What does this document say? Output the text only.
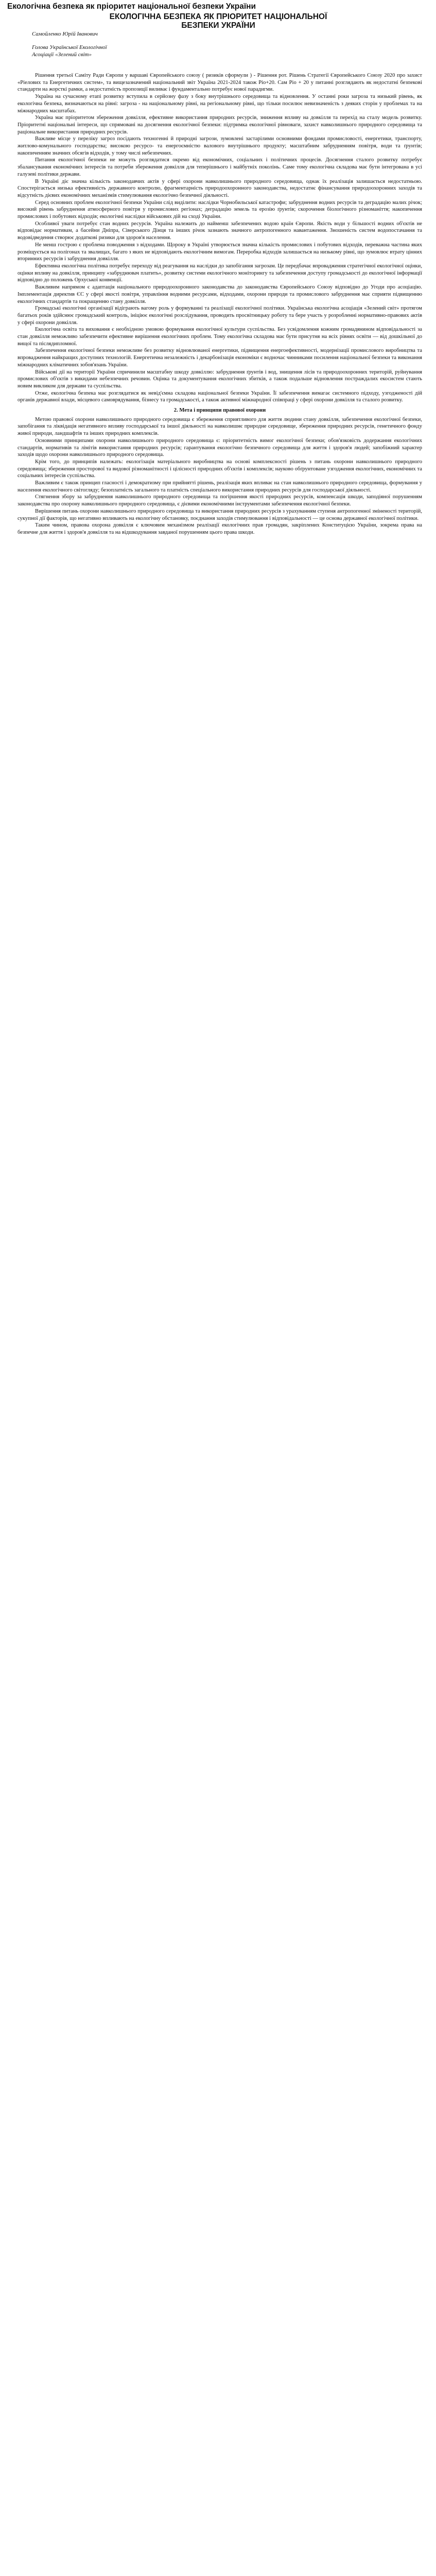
Екологічна безпека як пріоритет національної безпеки України
ЕКОЛОГІЧНА БЕЗПЕКА ЯК ПРІОРИТЕТ НАЦІОНАЛЬНОЇ
БЕЗПЕКИ УКРАЇНИ
Самойленко Юрій Іванович
Голова Української Екологічної
Асоціації «Зелений світ»

Рішення третьої Саміту Ради Європи у варшаві Європейського союзу ( ризиків сформули ) - Рішення рот. Рішень Стратегії Європейського Союзу 2020 про захист «Ріелових та Енергетичних систем», та вищезазначений національний звіт Україна 2021-2024 також Ріо+20. Сам Ріо + 20 у питанні розглядають як недостатні безпекові стандарти на жорсткі рамки, а недостатність пропозиції виливає і фундаментально потребує нової парадигми.

Україна на сучасному етапі розвитку вступила в серйозну фазу з боку внутрішнього середовища та відновлення. У останні роки загроза та низький рівень, як екологічна безпека, визначаються на рівні: загроза - на національному рівні, на регіональному рівні, що тільки посилює невизначеність з деяких сторін у проблемах та на міжнародних масштабах.

Україна має пріоритетом збереження довкілля, ефективне використання природних ресурсів, зниження впливу на довкілля та перехід на сталу модель розвитку. Пріоритетні національні інтереси, що спрямовані на досягнення екологічної безпеки: підтримка екологічної рівноваги, захист навколишнього природного середовища та раціональне використання природних ресурсів.

Важливе місце у переліку загроз посідають техногенні й природні загрози, зумовлені застарілими основними фондами промисловості, енергетики, транспорту, житлово-комунального господарства; високою ресурсо- та енергоємністю валового внутрішнього продукту; масштабним забрудненням повітря, води та ґрунтів; накопиченням значних обсягів відходів, у тому числі небезпечних.

Питання екологічної безпеки не можуть розглядатися окремо від економічних, соціальних і політичних процесів. Досягнення сталого розвитку потребує збалансування економічних інтересів та потреби збереження довкілля для теперішнього і майбутніх поколінь. Саме тому екологічна складова має бути інтегрована в усі галузеві політики держави.

В Україні діє значна кількість законодавчих актів у сфері охорони навколишнього природного середовища, однак їх реалізація залишається недостатньою. Спостерігається низька ефективність державного контролю, фрагментарність природоохоронного законодавства, недостатнє фінансування природоохоронних заходів та відсутність дієвих економічних механізмів стимулювання екологічно безпечної діяльності.

Серед основних проблем екологічної безпеки України слід виділити: наслідки Чорнобильської катастрофи; забруднення водних ресурсів та деградацію малих річок; високий рівень забруднення атмосферного повітря у промислових регіонах; деградацію земель та ерозію ґрунтів; скорочення біологічного різноманіття; накопичення промислових і побутових відходів; екологічні наслідки військових дій на сході України.

Особливої уваги потребує стан водних ресурсів. Україна належить до найменш забезпечених водою країн Європи. Якість води у більшості водних об'єктів не відповідає нормативам, а басейни Дніпра, Сіверського Дінця та інших річок зазнають значного антропогенного навантаження. Зношеність систем водопостачання та водовідведення створює додаткові ризики для здоров'я населення.

Не менш гострою є проблема поводження з відходами. Щороку в Україні утворюється значна кількість промислових і побутових відходів, переважна частина яких розміщується на полігонах та звалищах, багато з яких не відповідають екологічним вимогам. Переробка відходів залишається на низькому рівні, що зумовлює втрату цінних вторинних ресурсів і забруднення довкілля.

Ефективна екологічна політика потребує переходу від реагування на наслідки до запобігання загрозам. Це передбачає впровадження стратегічної екологічної оцінки, оцінки впливу на довкілля, принципу «забруднювач платить», розвитку системи екологічного моніторингу та забезпечення доступу громадськості до екологічної інформації відповідно до положень Орхуської конвенції.

Важливим напрямом є адаптація національного природоохоронного законодавства до законодавства Європейського Союзу відповідно до Угоди про асоціацію. Імплементація директив ЄС у сфері якості повітря, управління водними ресурсами, відходами, охорони природи та промислового забруднення має сприяти підвищенню екологічних стандартів та покращенню стану довкілля.

Громадські екологічні організації відіграють вагому роль у формуванні та реалізації екологічної політики. Українська екологічна асоціація «Зелений світ» протягом багатьох років здійснює громадський контроль, ініціює екологічні розслідування, проводить просвітницьку роботу та бере участь у розробленні нормативно-правових актів у сфері охорони довкілля.

Екологічна освіта та виховання є необхідною умовою формування екологічної культури суспільства. Без усвідомлення кожним громадянином відповідальності за стан довкілля неможливо забезпечити ефективне вирішення екологічних проблем. Тому екологічна складова має бути присутня на всіх рівнях освіти — від дошкільної до вищої та післядипломної.

Забезпечення екологічної безпеки неможливе без розвитку відновлюваної енергетики, підвищення енергоефективності, модернізації промислового виробництва та впровадження найкращих доступних технологій. Енергетична незалежність і декарбонізація економіки є водночас чинниками посилення національної безпеки та виконання міжнародних кліматичних зобов'язань України.

Військові дії на території України спричинили масштабну шкоду довкіллю: забруднення ґрунтів і вод, знищення лісів та природоохоронних територій, руйнування промислових об'єктів з викидами небезпечних речовин. Оцінка та документування екологічних збитків, а також подальше відновлення постраждалих екосистем стають новим викликом для держави та суспільства.

Отже, екологічна безпека має розглядатися як невід'ємна складова національної безпеки України. Її забезпечення вимагає системного підходу, узгодженості дій органів державної влади, місцевого самоврядування, бізнесу та громадськості, а також активної міжнародної співпраці у сфері охорони довкілля та сталого розвитку.

2. Мета і принципи правової охорони

Метою правової охорони навколишнього природного середовища є збереження сприятливого для життя людини стану довкілля, забезпечення екологічної безпеки, запобігання та ліквідація негативного впливу господарської та іншої діяльності на навколишнє природне середовище, збереження природних ресурсів, генетичного фонду живої природи, ландшафтів та інших природних комплексів.

Основними принципами охорони навколишнього природного середовища є: пріоритетність вимог екологічної безпеки; обов'язковість додержання екологічних стандартів, нормативів та лімітів використання природних ресурсів; гарантування екологічно безпечного середовища для життя і здоров'я людей; запобіжний характер заходів щодо охорони навколишнього природного середовища.

Крім того, до принципів належать: екологізація матеріального виробництва на основі комплексності рішень з питань охорони навколишнього природного середовища; збереження просторової та видової різноманітності і цілісності природних об'єктів і комплексів; науково обґрунтоване узгодження екологічних, економічних та соціальних інтересів суспільства.

Важливим є також принцип гласності і демократизму при прийнятті рішень, реалізація яких впливає на стан навколишнього природного середовища, формування у населення екологічного світогляду; безоплатність загального та платність спеціального використання природних ресурсів для господарської діяльності.

Стягнення збору за забруднення навколишнього природного середовища та погіршення якості природних ресурсів, компенсація шкоди, заподіяної порушенням законодавства про охорону навколишнього природного середовища, є дієвими економічними інструментами забезпечення екологічної безпеки.

Вирішення питань охорони навколишнього природного середовища та використання природних ресурсів з урахуванням ступеня антропогенної зміненості територій, сукупної дії факторів, що негативно впливають на екологічну обстановку, поєднання заходів стимулювання і відповідальності — це основа державної екологічної політики.

Таким чином, правова охорона довкілля є ключовим механізмом реалізації екологічних прав громадян, закріплених Конституцією України, зокрема права на безпечне для життя і здоров'я довкілля та на відшкодування завданої порушенням цього права шкоди.
